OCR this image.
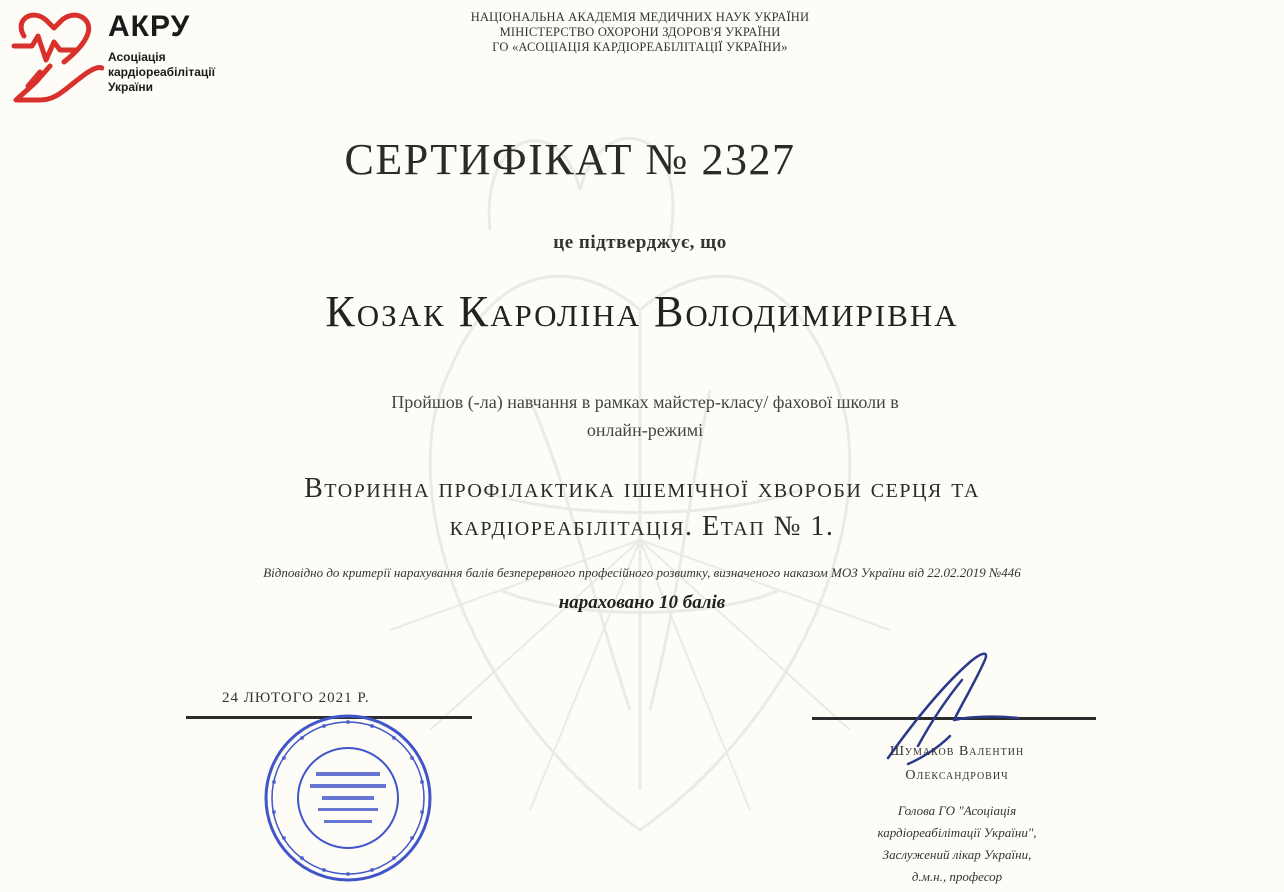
АКРУ
Асоціація
кардіореабілітації
України
НАЦІОНАЛЬНА АКАДЕМІЯ МЕДИЧНИХ НАУК УКРАЇНИ
МІНІСТЕРСТВО ОХОРОНИ ЗДОРОВ'Я УКРАЇНИ
ГО «АСОЦІАЦІЯ КАРДІОРЕАБІЛІТАЦІЇ УКРАЇНИ»
СЕРТИФІКАТ № 2327
це підтверджує, що
Козак Кароліна Володимирівна
Пройшов (-ла) навчання в рамках майстер-класу/ фахової школи в
онлайн-режимі
Вторинна профілактика ішемічної хвороби серця та
кардіореабілітація. Етап № 1.
Відповідно до критерії нарахування балів безперервного професійного розвитку, визначеного наказом МОЗ України від 22.02.2019 №446
нараховано 10 балів
24 ЛЮТОГО 2021 Р.
Шумаков Валентин
Олександрович
Голова ГО "Асоціація
кардіореабілітації України",
Заслужений лікар України,
д.м.н., професор
